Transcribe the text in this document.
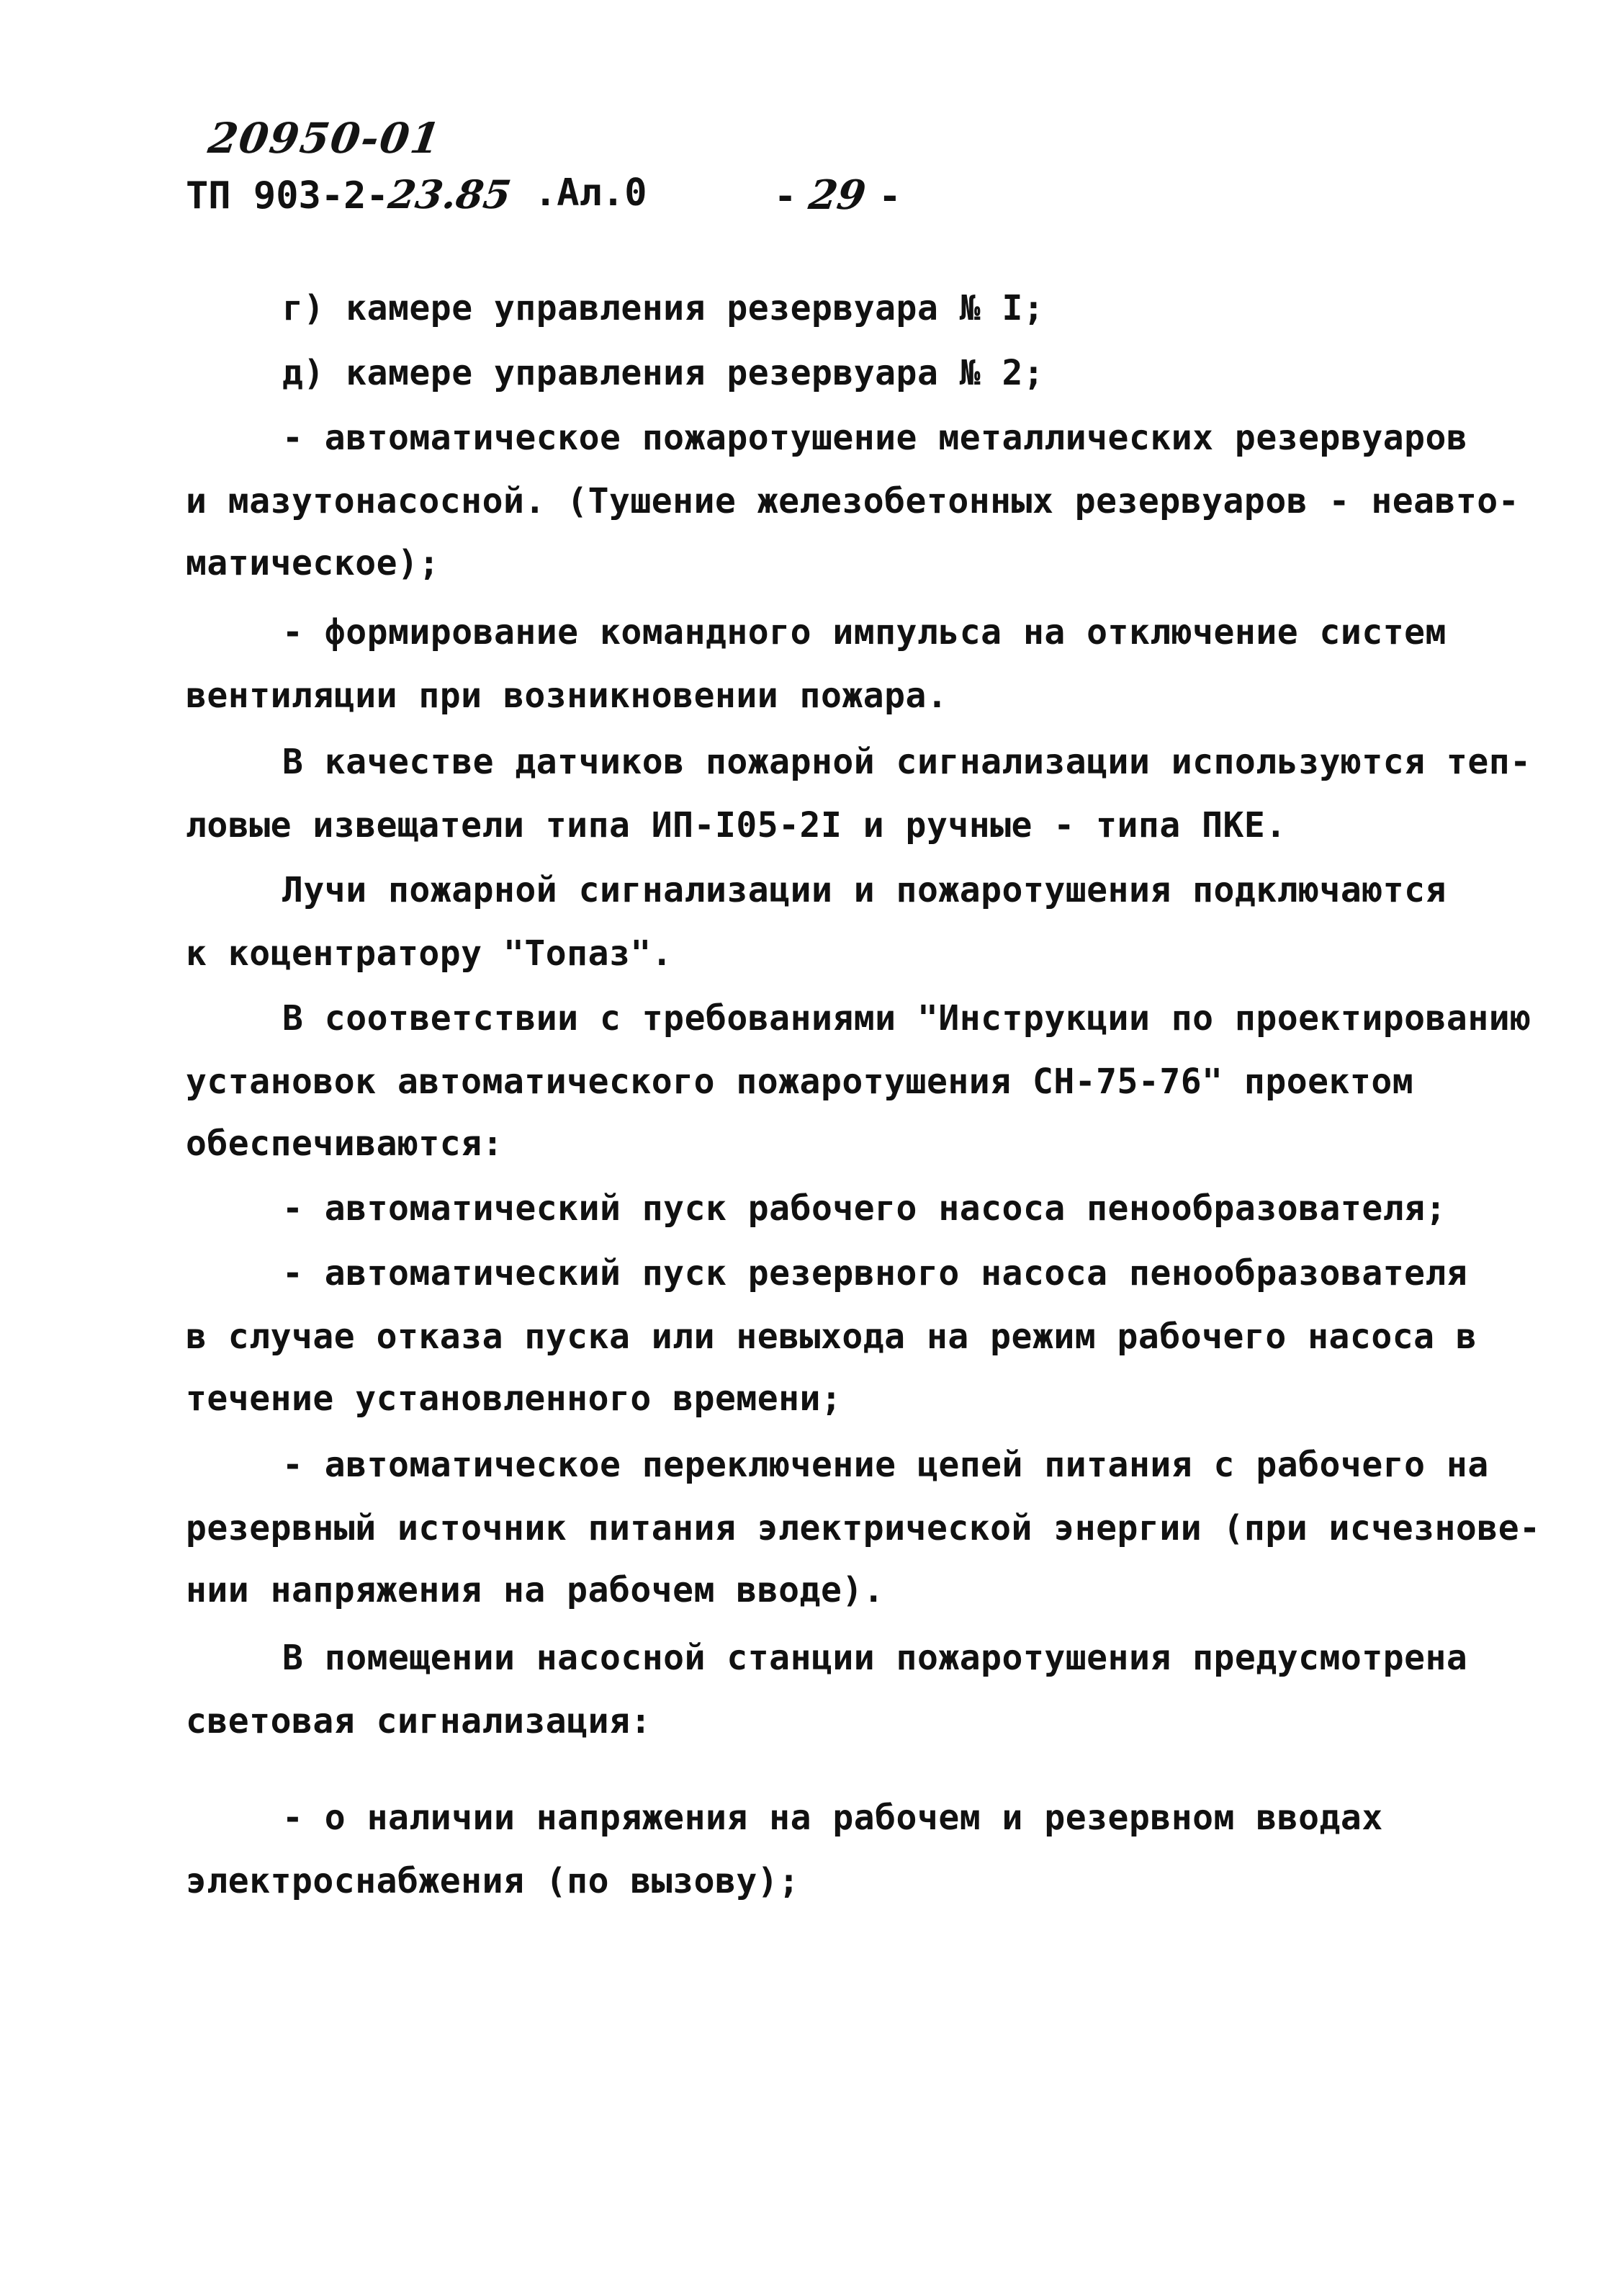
20950-01
ТП 903-2-23.85 .Ал.0	- 29 -
г) камере управления резервуара № I;
д) камере управления резервуара № 2;
- автоматическое пожаротушение металлических резервуаров
и мазутонасосной. (Тушение железобетонных резервуаров - неавто-
матическое);
- формирование командного импульса на отключение систем
вентиляции при возникновении пожара.
В качестве датчиков пожарной сигнализации используются теп-
ловые извещатели типа ИП-I05-2I и ручные - типа ПКЕ.
Лучи пожарной сигнализации и пожаротушения подключаются
к коцентратору "Топаз".
В соответствии с требованиями "Инструкции по проектированию
установок автоматического пожаротушения СН-75-76" проектом
обеспечиваются:
- автоматический пуск рабочего насоса пенообразователя;
- автоматический пуск резервного насоса пенообразователя
в случае отказа пуска или невыхода на режим рабочего насоса в
течение установленного времени;
- автоматическое переключение цепей питания с рабочего на
резервный источник питания электрической энергии (при исчезнове-
нии напряжения на рабочем вводе).
В помещении насосной станции пожаротушения предусмотрена
световая сигнализация:
- о наличии напряжения на рабочем и резервном вводах
электроснабжения (по вызову);
